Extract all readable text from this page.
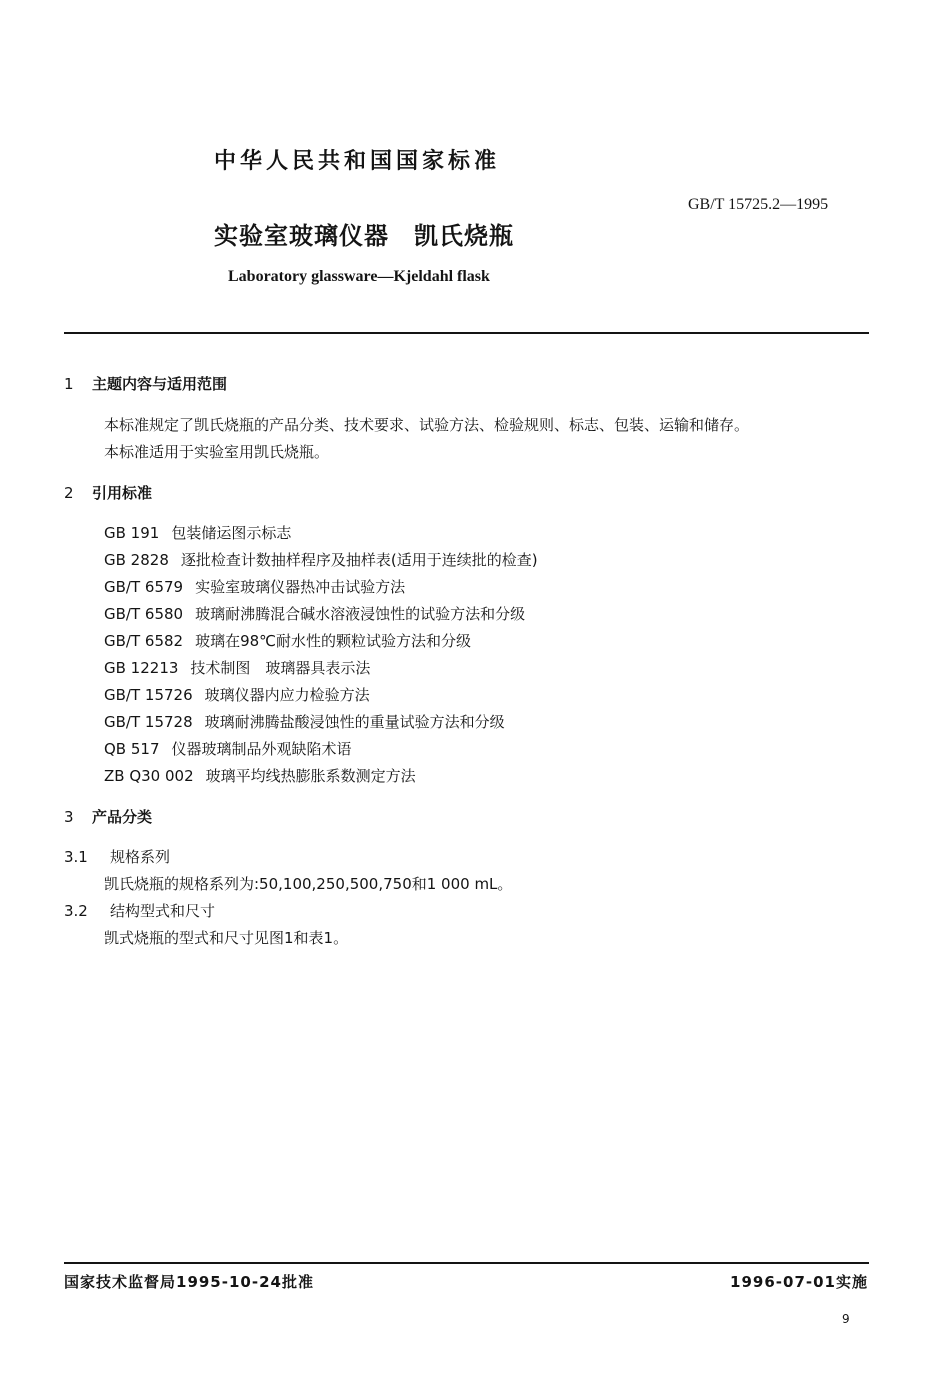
中华人民共和国国家标准
GB/T 15725.2—1995
实验室玻璃仪器　凯氏烧瓶
Laboratory glassware—Kjeldahl flask
1 主题内容与适用范围
本标准规定了凯氏烧瓶的产品分类、技术要求、试验方法、检验规则、标志、包装、运输和储存。
本标准适用于实验室用凯氏烧瓶。
2 引用标准
GB 191 包装储运图示标志
GB 2828 逐批检查计数抽样程序及抽样表(适用于连续批的检查)
GB/T 6579 实验室玻璃仪器热冲击试验方法
GB/T 6580 玻璃耐沸腾混合碱水溶液浸蚀性的试验方法和分级
GB/T 6582 玻璃在98℃耐水性的颗粒试验方法和分级
GB 12213 技术制图　玻璃器具表示法
GB/T 15726 玻璃仪器内应力检验方法
GB/T 15728 玻璃耐沸腾盐酸浸蚀性的重量试验方法和分级
QB 517 仪器玻璃制品外观缺陷术语
ZB Q30 002 玻璃平均线热膨胀系数测定方法
3 产品分类
3.1 规格系列
凯氏烧瓶的规格系列为:50,100,250,500,750和1 000 mL。
3.2 结构型式和尺寸
凯式烧瓶的型式和尺寸见图1和表1。
国家技术监督局1995-10-24批准	1996-07-01实施
9
